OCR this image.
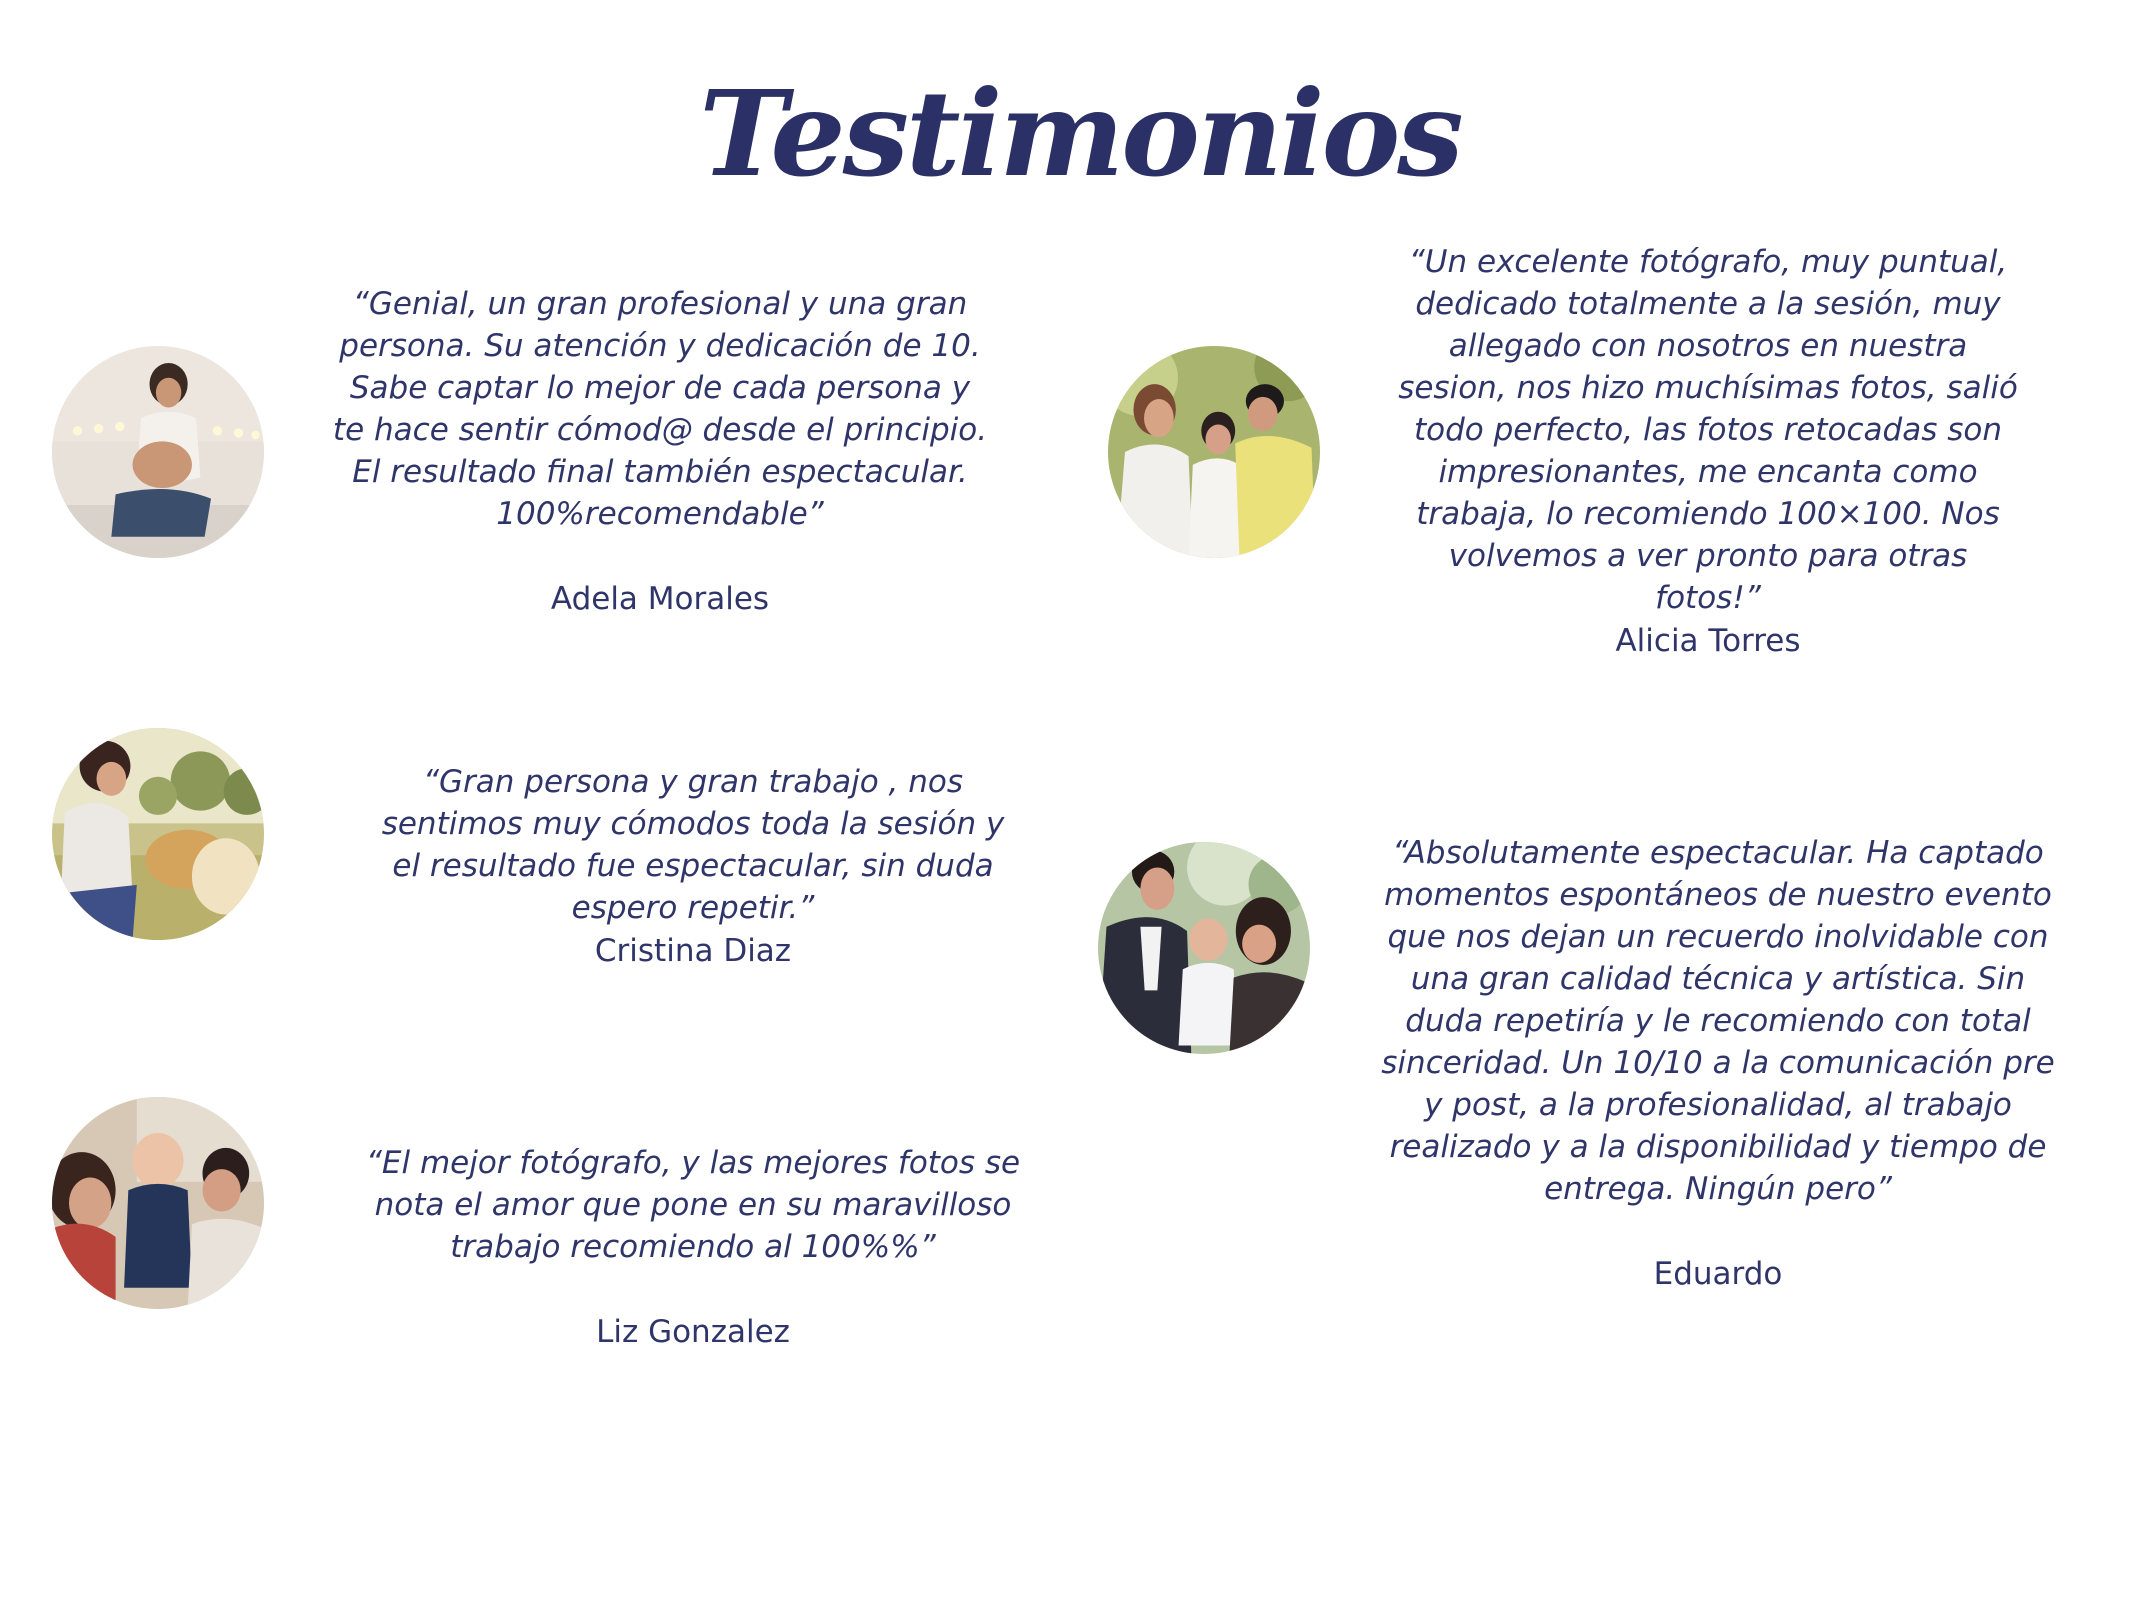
Testimonios

“Genial, un gran profesional y una gran persona. Su atención y dedicación de 10. Sabe captar lo mejor de cada persona y te hace sentir cómod@ desde el principio. El resultado final también espectacular. 100%recomendable”

Adela Morales

“Un excelente fotógrafo, muy puntual, dedicado totalmente a la sesión, muy allegado con nosotros en nuestra sesion, nos hizo muchísimas fotos, salió todo perfecto, las fotos retocadas son impresionantes, me encanta como trabaja, lo recomiendo 100×100. Nos volvemos a ver pronto para otras fotos!”

Alicia Torres

“Gran persona y gran trabajo , nos sentimos muy cómodos toda la sesión y el resultado fue espectacular, sin duda espero repetir.”

Cristina Diaz

“Absolutamente espectacular. Ha captado momentos espontáneos de nuestro evento que nos dejan un recuerdo inolvidable con una gran calidad técnica y artística. Sin duda repetiría y le recomiendo con total sinceridad. Un 10/10 a la comunicación pre y post, a la profesionalidad, al trabajo realizado y a la disponibilidad y tiempo de entrega. Ningún pero”

Eduardo

“El mejor fotógrafo, y las mejores fotos se nota el amor que pone en su maravilloso trabajo recomiendo al 100%%”

Liz Gonzalez
